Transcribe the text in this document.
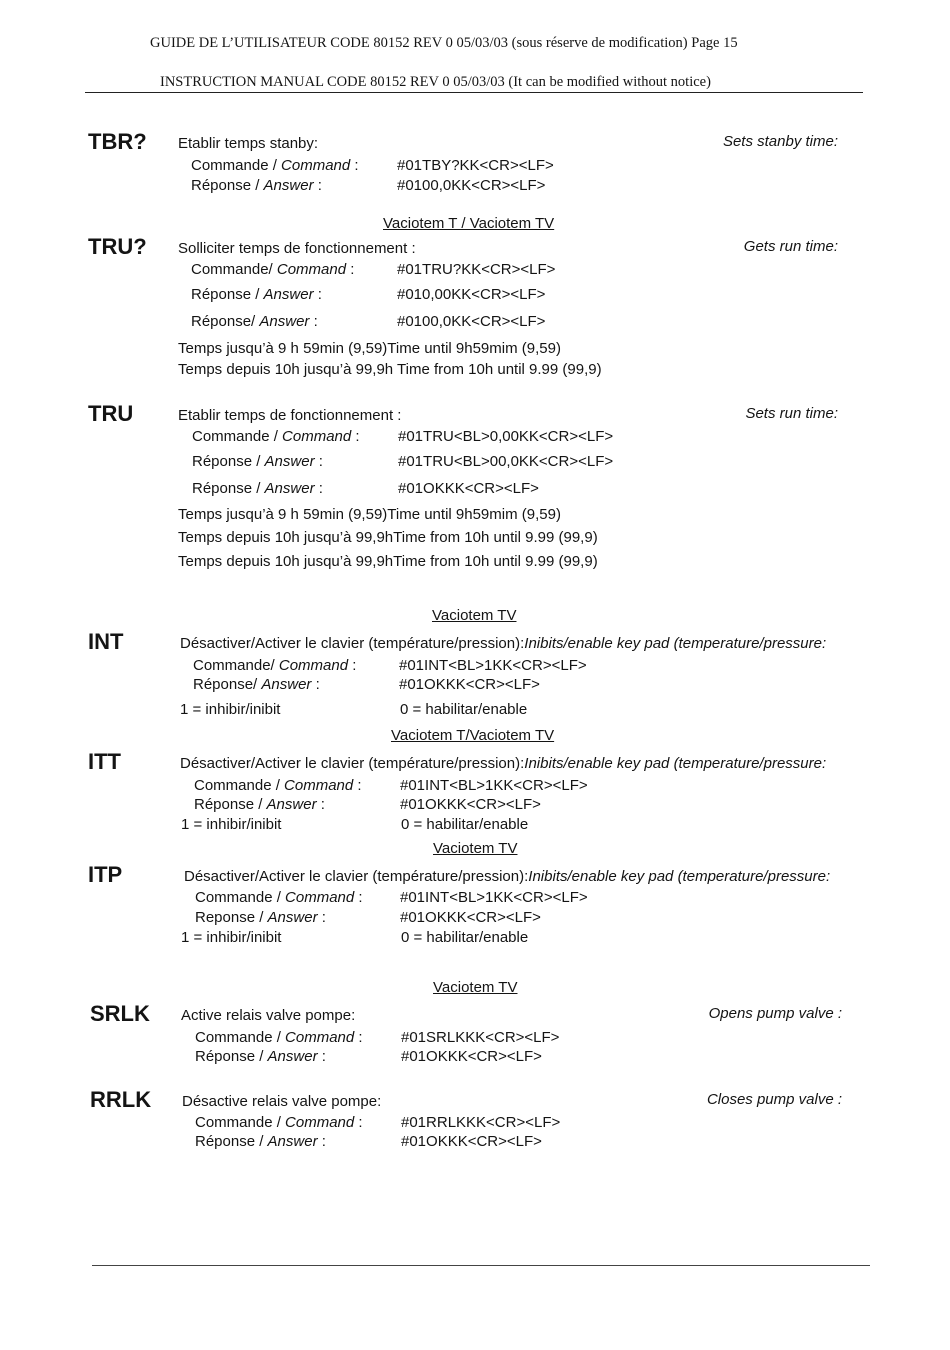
GUIDE DE L’UTILISATEUR CODE 80152 REV 0 05/03/03 (sous réserve de modification) Page 15
INSTRUCTION MANUAL CODE 80152 REV 0 05/03/03 (It can be modified without notice)
TBR? Etablir temps stanby:	Sets stanby time:
Commande / Command :	#01TBY?KK<CR><LF>
Réponse / Answer :	#0100,0KK<CR><LF>
Vaciotem T / Vaciotem TV
TRU? Solliciter temps de fonctionnement :	Gets run time:
Commande/ Command :	#01TRU?KK<CR><LF>
Réponse / Answer :	#010,00KK<CR><LF>
Réponse/ Answer :	#0100,0KK<CR><LF>
Temps jusqu’à 9 h 59min (9,59)Time until 9h59mim (9,59)
Temps depuis 10h jusqu’à 99,9h Time from 10h until 9.99 (99,9)
TRU	Etablir temps de fonctionnement :	Sets run time:
Commande / Command :	#01TRU<BL>0,00KK<CR><LF>
Réponse / Answer :	#01TRU<BL>00,0KK<CR><LF>
Réponse / Answer :	#01OKKK<CR><LF>
Temps jusqu’à 9 h 59min (9,59)Time until 9h59mim (9,59)
Temps depuis 10h jusqu’à 99,9hTime from 10h until 9.99 (99,9)
Temps depuis 10h jusqu’à 99,9hTime from 10h until 9.99 (99,9)
Vaciotem TV
INT	Désactiver/Activer le clavier (température/pression):Inibits/enable key pad (temperature/pressure:
Commande/ Command :	#01INT<BL>1KK<CR><LF>
Réponse/ Answer :	#01OKKK<CR><LF>
1 = inhibir/inibit	0 = habilitar/enable
Vaciotem T/Vaciotem TV
ITT	Désactiver/Activer le clavier (température/pression):Inibits/enable key pad (temperature/pressure:
Commande / Command :	#01INT<BL>1KK<CR><LF>
Réponse / Answer :	#01OKKK<CR><LF>
1 = inhibir/inibit	0 = habilitar/enable
Vaciotem TV
ITP	Désactiver/Activer le clavier (température/pression):Inibits/enable key pad (temperature/pressure:
Commande / Command : #01INT<BL>1KK<CR><LF>
Reponse / Answer :	#01OKKK<CR><LF>
1 = inhibir/inibit	0 = habilitar/enable
Vaciotem TV
SRLK Active relais valve pompe:	Opens pump valve :
Commande / Command :	#01SRLKKK<CR><LF>
Réponse / Answer :	#01OKKK<CR><LF>
RRLK Désactive relais valve pompe:	Closes pump valve :
Commande / Command :	#01RRLKKK<CR><LF>
Réponse / Answer :	#01OKKK<CR><LF>
